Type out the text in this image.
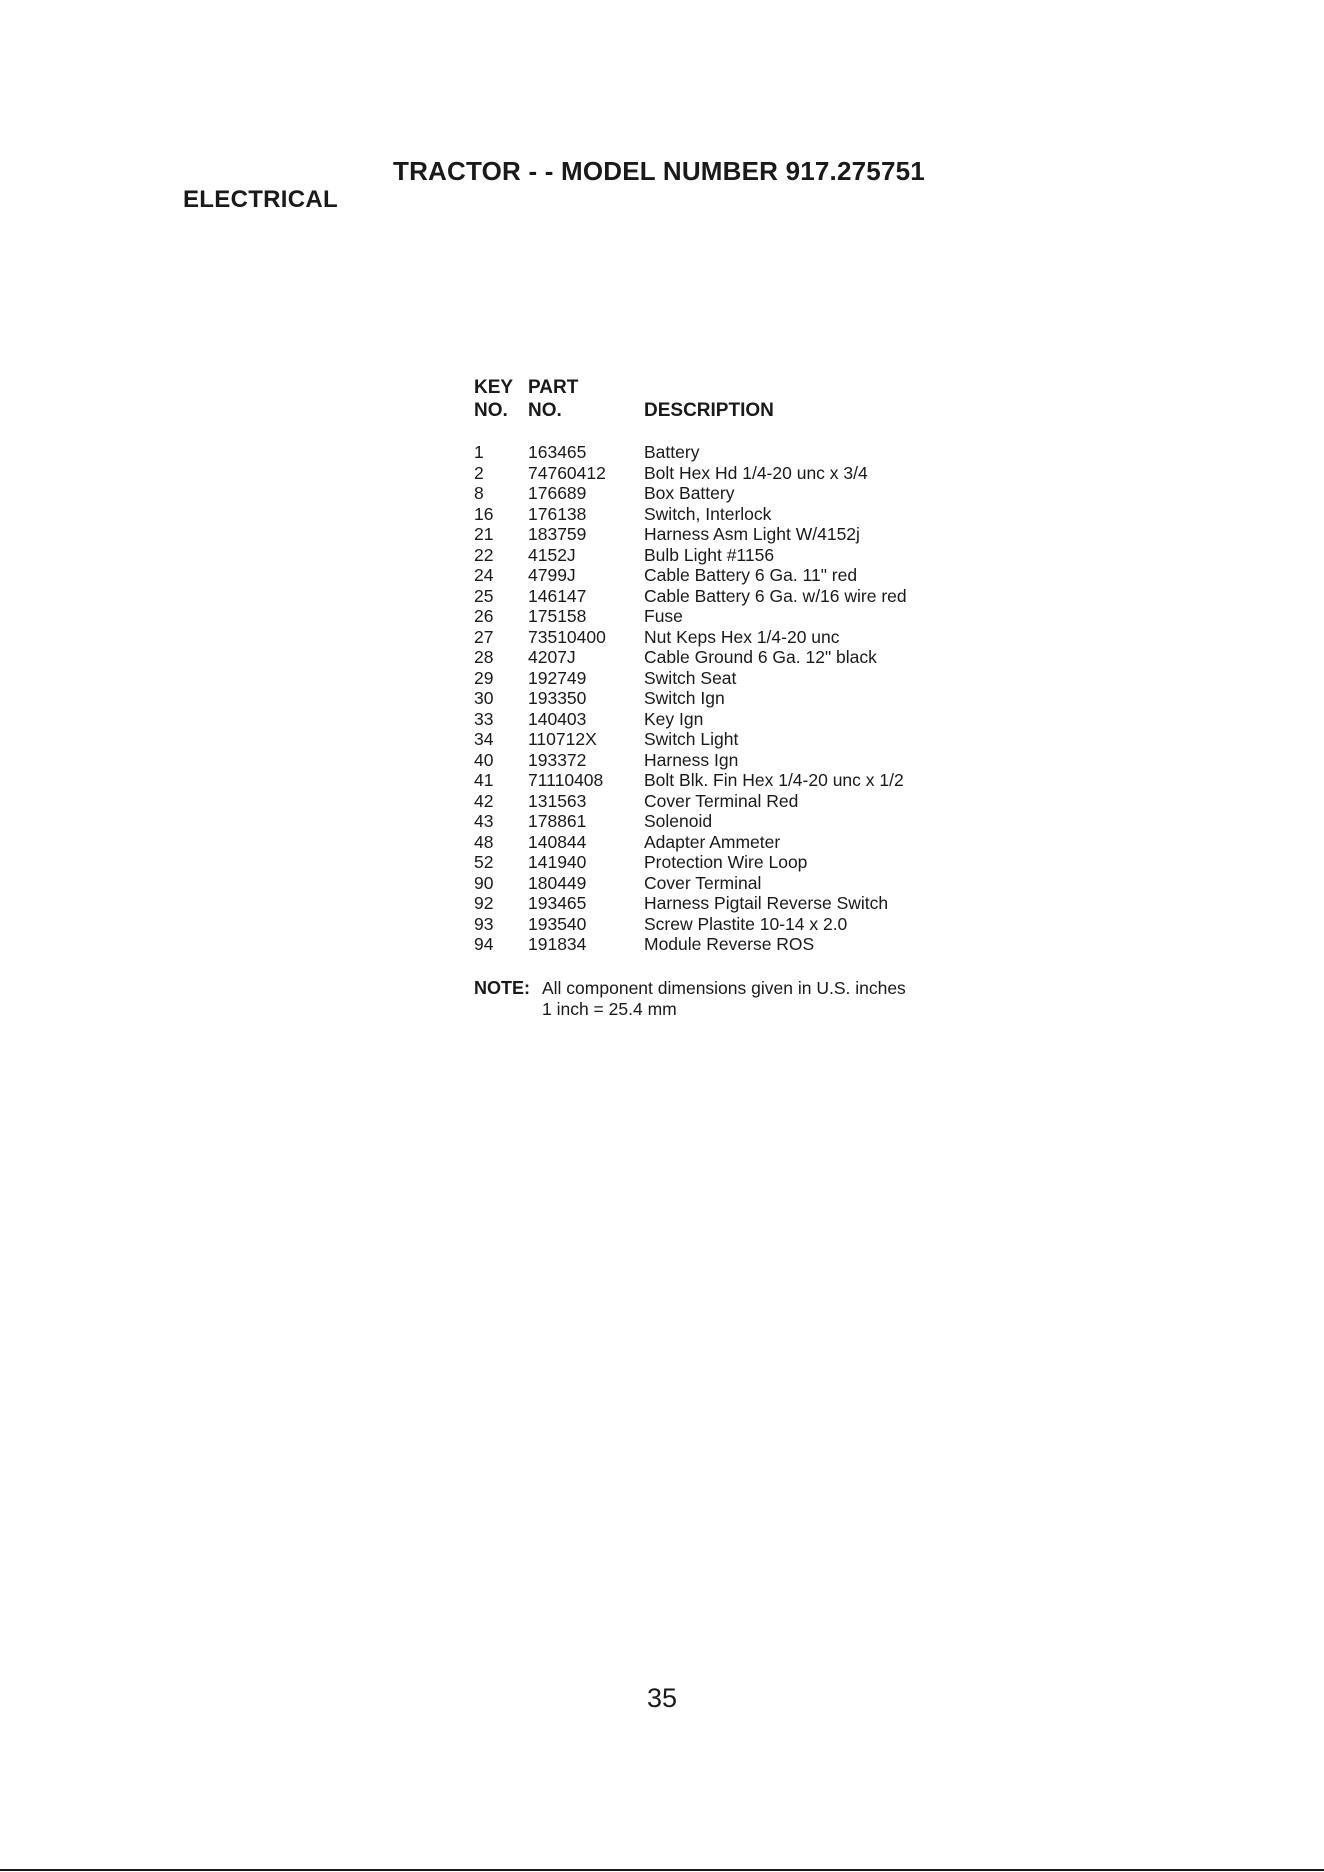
TRACTOR - - MODEL NUMBER 917.275751
ELECTRICAL
KEY	PART	
NO.	NO.	DESCRIPTION

1	163465	Battery
2	74760412	Bolt Hex Hd 1/4-20 unc x 3/4
8	176689	Box Battery
16	176138	Switch, Interlock
21	183759	Harness Asm Light W/4152j
22	4152J	Bulb Light #1156
24	4799J	Cable Battery 6 Ga. 11" red
25	146147	Cable Battery 6 Ga. w/16 wire red
26	175158	Fuse
27	73510400	Nut Keps Hex 1/4-20 unc
28	4207J	Cable Ground 6 Ga. 12" black
29	192749	Switch Seat
30	193350	Switch Ign
33	140403	Key Ign
34	110712X	Switch Light
40	193372	Harness Ign
41	71110408	Bolt Blk. Fin Hex 1/4-20 unc x 1/2
42	131563	Cover Terminal Red
43	178861	Solenoid
48	140844	Adapter Ammeter
52	141940	Protection Wire Loop
90	180449	Cover Terminal
92	193465	Harness Pigtail Reverse Switch
93	193540	Screw Plastite 10-14 x 2.0
94	191834	Module Reverse ROS
NOTE: All component dimensions given in U.S. inches
1 inch = 25.4 mm
35
